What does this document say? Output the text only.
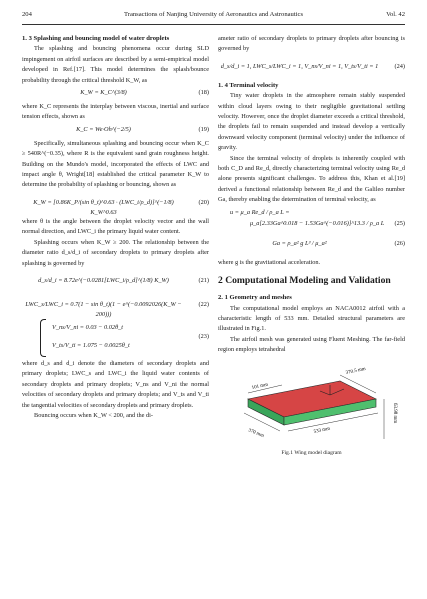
204	Transactions of Nanjing University of Aeronautics and Astronautics	Vol. 42

1. 3 Splashing and bouncing model of water droplets

The splashing and bouncing phenomena occur during SLD impingement on airfoil surfaces are described by a semi-empirical model developed in Ref.[17]. This model determines the splash/bounce probability through the critical threshold K_W, as

K_W = K_C^(3/8)	(18)

where K_C represents the interplay between viscous, inertial and surface tension effects, shown as

K_C = We·Oh^(−2/5)	(19)

Specifically, simultaneous splashing and bouncing occur when K_C ≥ 540R^(−0.35), where R is the equivalent sand grain roughness height. Building on the Mundo's model, incorporated the effects of LWC and impact angle θ, Wright[18] established the critical parameter K_W to determine the probability of splashing or bouncing, shown as

K_W = [0.86K_P/(sin θ_t)^0.63 · (LWC_i/ρ_d)]^(−1/8) K_W^0.63
(20)

where θ is the angle between the droplet velocity vector and the wall normal direction, and LWC_i the primary liquid water content.

Splashing occurs when K_W ≥ 200. The relationship between the diameter ratio d_s/d_i of secondary droplets to primary droplets after splashing is governed by

d_s/d_i = 8.72e^(−0.0281[LWC_i/ρ_d]^(1/8) K_W)	(21)
LWC_s/LWC_i = 0.7(1 − sin θ_t)(1 − e^(−0.0092026(K_W − 200)))
(22)
V_ns/V_ni = 0.03 − 0.02θ_t
V_ts/V_ti = 1.075 − 0.0025θ_t
(23)

where d_s and d_i denote the diameters of secondary droplets and primary droplets; LWC_s and LWC_i the liquid water contents of secondary droplets and primary droplets; V_ns and V_ni the normal velocities of secondary droplets and primary droplets; and V_ts and V_ti the tangential velocities of secondary droplets and primary droplets.

Bouncing occurs when K_W < 200, and the di-

ameter ratio of secondary droplets to primary droplets after bouncing is governed by

d_s/d_i = 1, LWC_s/LWC_i = 1, V_ns/V_ni = 1, V_ts/V_ti = 1	(24)

1. 4 Terminal velocity

Tiny water droplets in the atmosphere remain stably suspended within cloud layers owing to their negligible gravitational settling velocity. However, once the droplet diameter exceeds a critical threshold, the droplets fail to remain suspended and instead develop a vertically downward velocity component (terminal velocity) under the influence of gravity.

Since the terminal velocity of droplets is inherently coupled with both C_D and Re_d, directly characterizing terminal velocity using Re_d alone presents significant challenges. To address this, Khan et al.[19] derived a functional relationship between Re_d and the Galileo number Ga, thereby enabling the determination of terminal velocity, as

u = μ_a Re_d / ρ_a L =
μ_a[2.33Ga^0.018 − 1.53Ga^(−0.016)]^13.3 / ρ_a L (25)
Ga = ρ_a² g L³ / μ_a²	(26)

where g is the gravitational acceleration.

2 Computational Modeling and Validation

2. 1 Geometry and meshes

The computational model employs an NACA0012 airfoil with a characteristic length of 533 mm. Detailed structural parameters are illustrated in Fig.1.

The airfoil mesh was generated using Fluent Meshing. The far-field region employs tetrahedral

370.5 mm
101 mm
370 mm	533 mm
63.98 mm

Fig.1 Wing model diagram
